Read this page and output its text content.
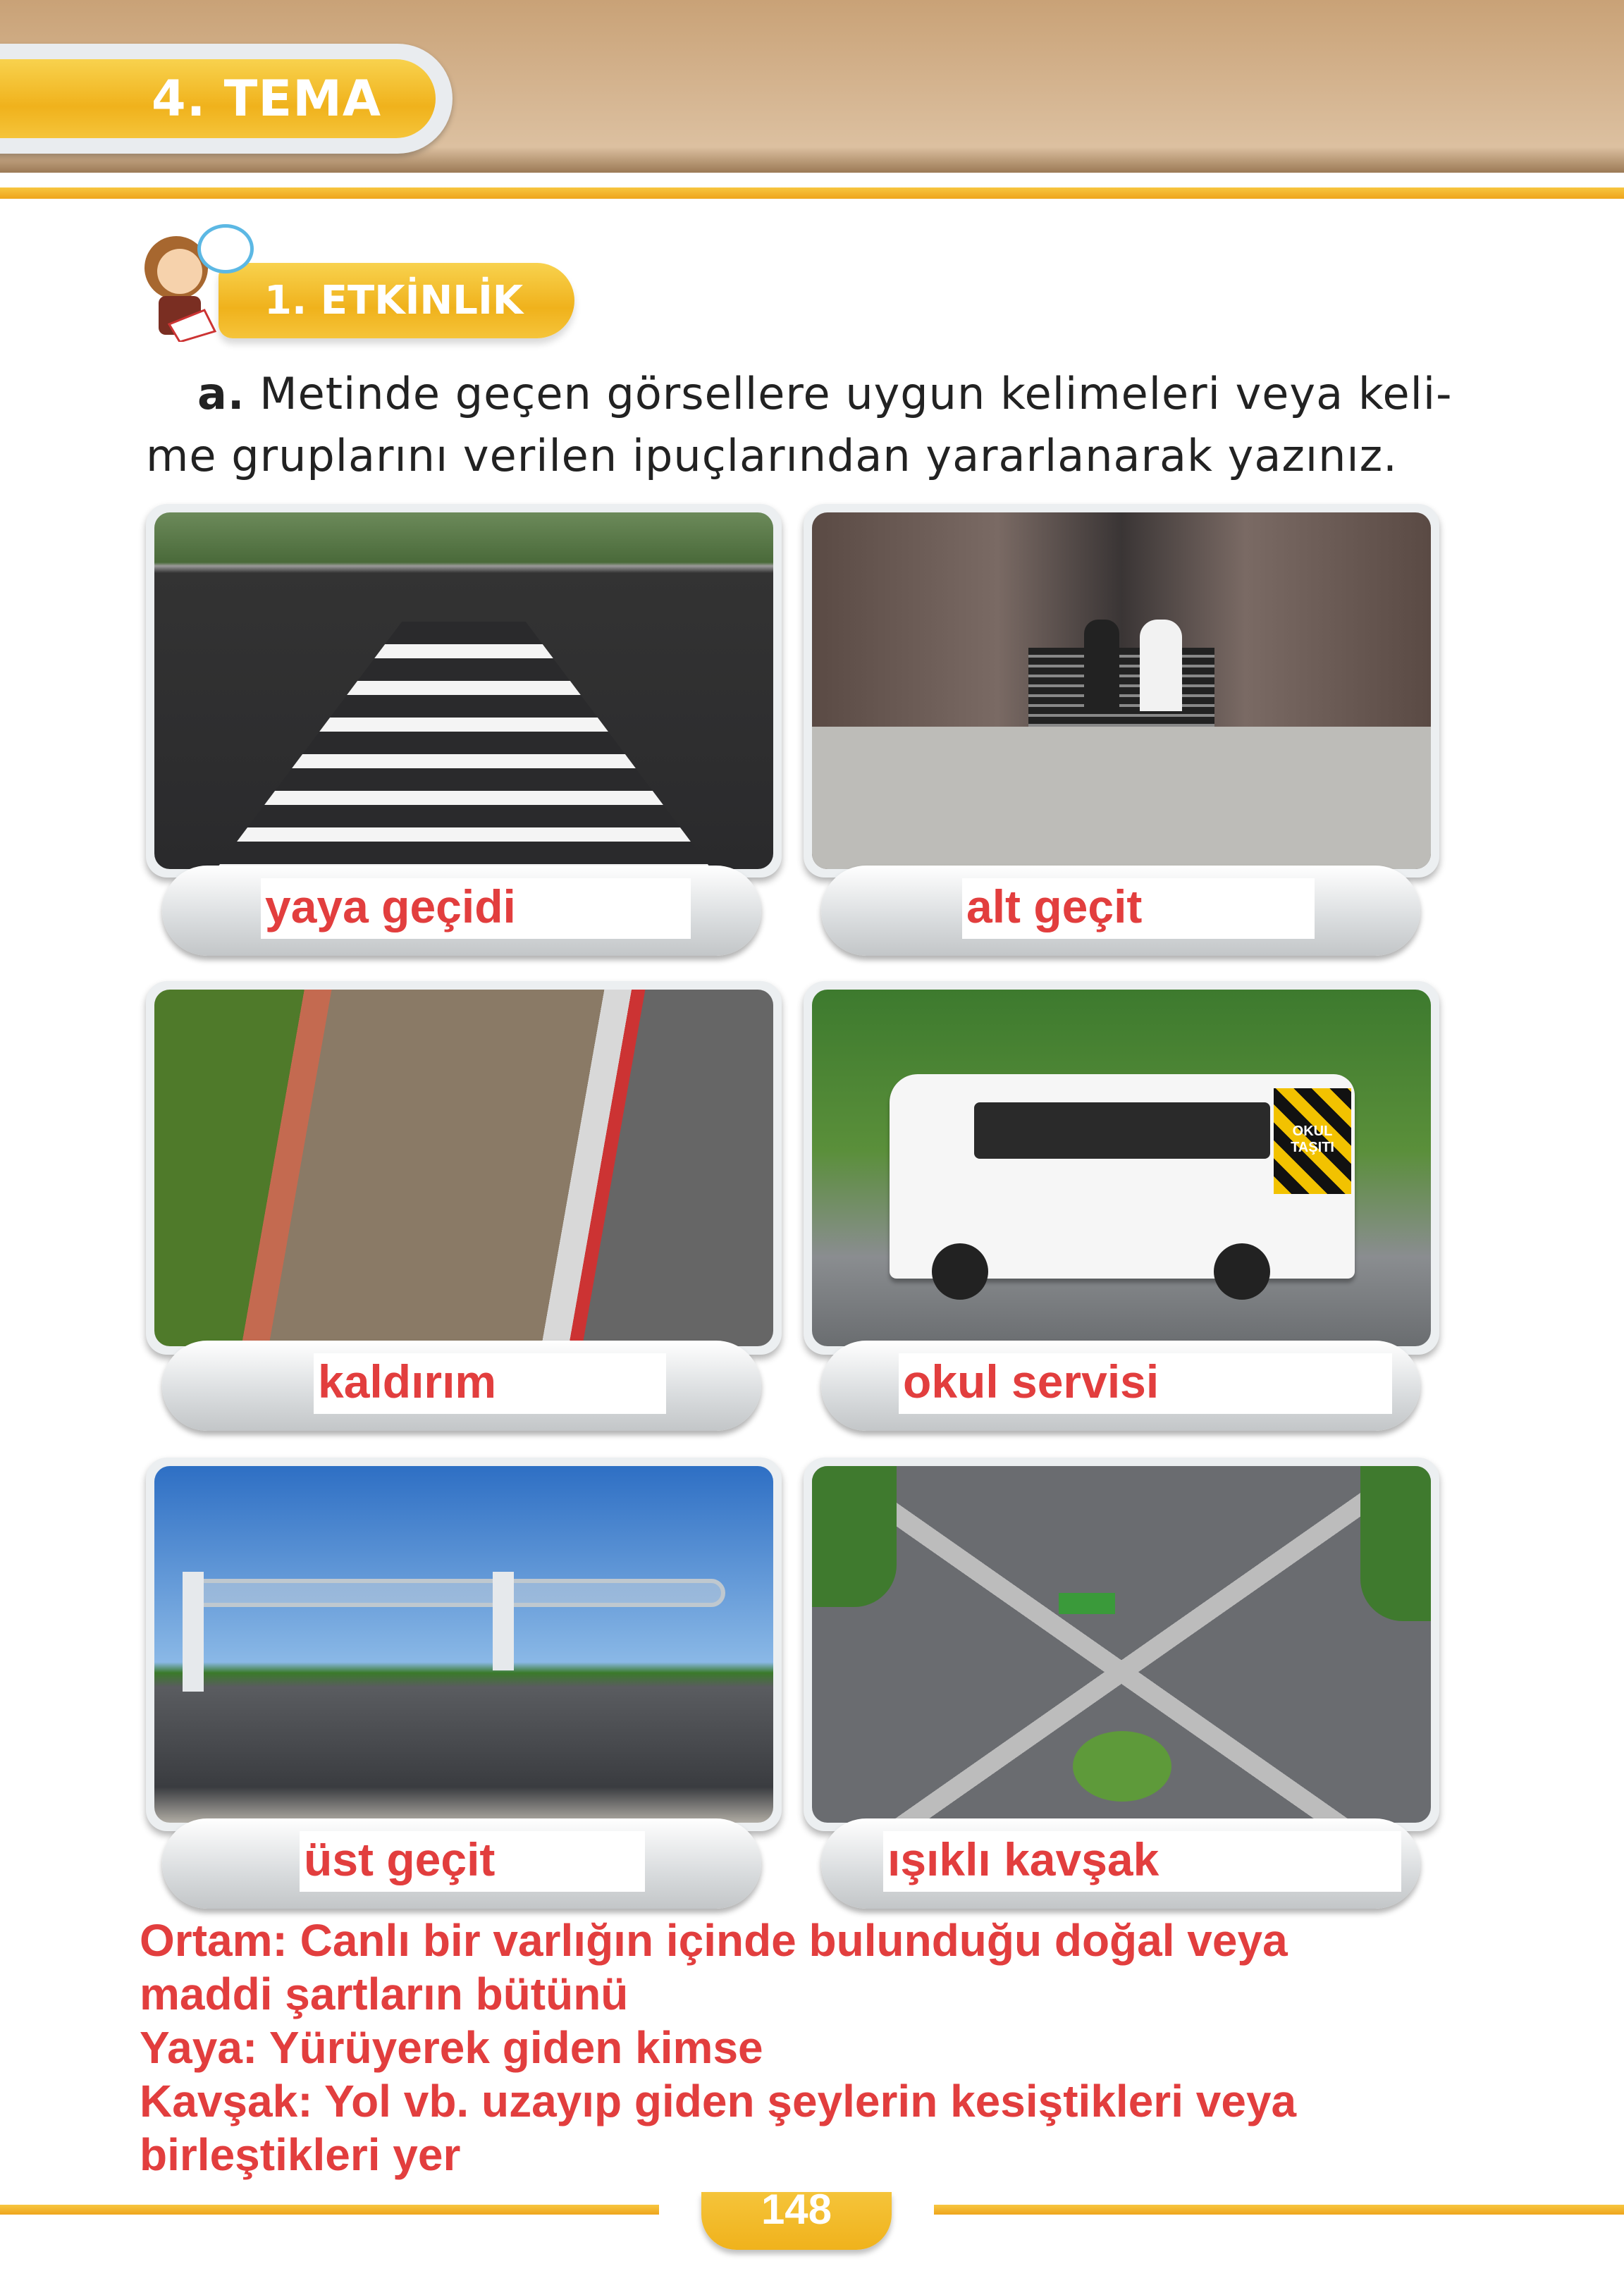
4. TEMA
1. ETKİNLİK
a. Metinde geçen görsellere uygun kelimeleri veya keli-me gruplarını verilen ipuçlarından yararlanarak yazınız.
yaya geçidi	alt geçit
kaldırım
OKUL TAŞITI
okul servisi
üst geçit	ışıklı kavşak
Ortam: Canlı bir varlığın içinde bulunduğu doğal veya
maddi şartların bütünü
Yaya: Yürüyerek giden kimse
Kavşak: Yol vb. uzayıp giden şeylerin kesiştikleri veya
birleştikleri yer
148
